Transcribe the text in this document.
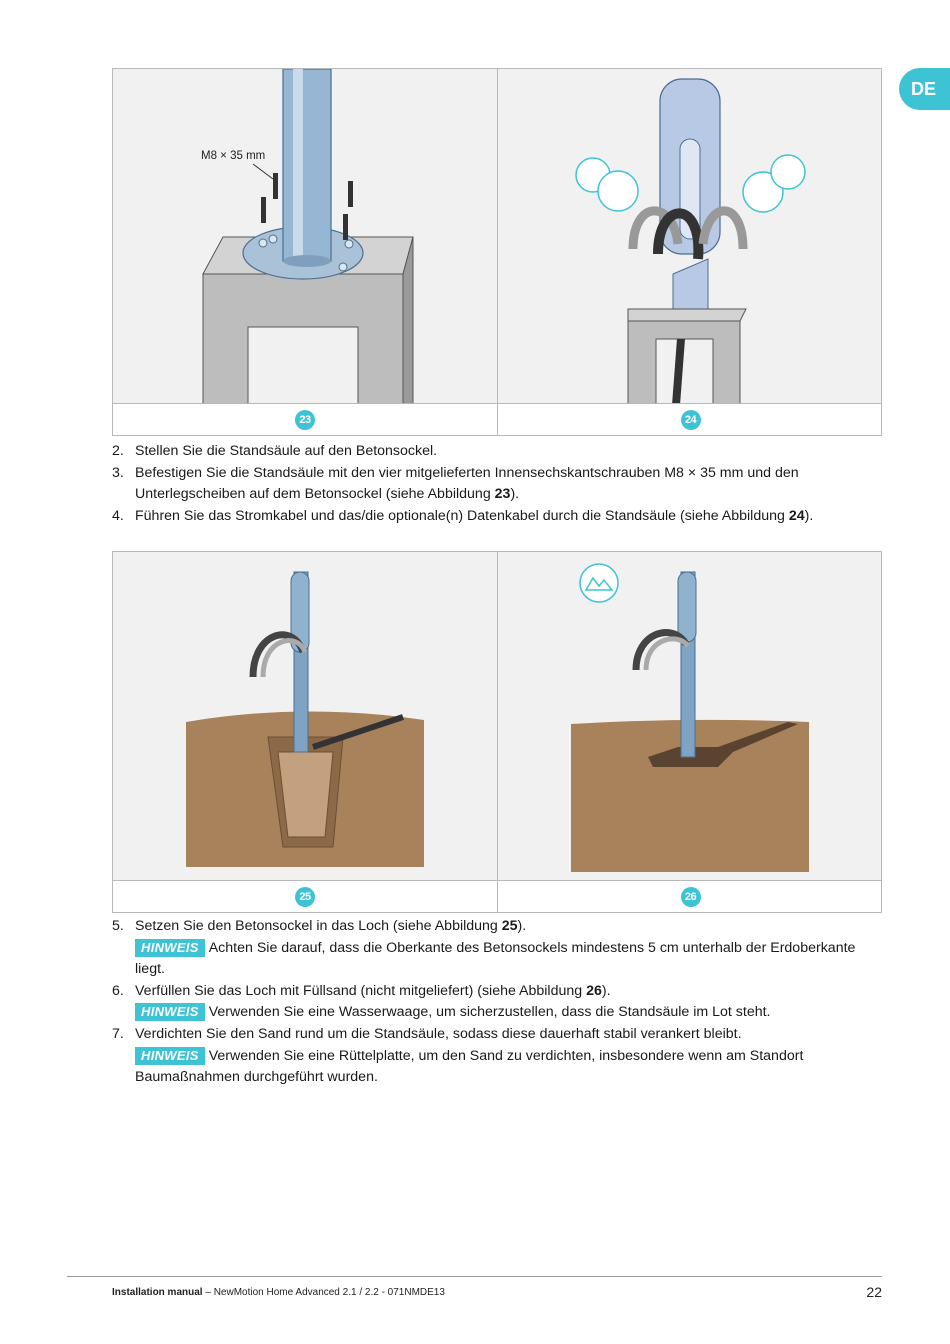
DE
M8 × 35 mm
23	24
2. Stellen Sie die Standsäule auf den Betonsockel.
3. Befestigen Sie die Standsäule mit den vier mitgelieferten Innensechskantschrauben M8 × 35 mm und den Unterlegscheiben auf dem Betonsockel (siehe Abbildung 23).
4. Führen Sie das Stromkabel und das/die optionale(n) Datenkabel durch die Standsäule (siehe Abbildung 24).
25	26
5. Setzen Sie den Betonsockel in das Loch (siehe Abbildung 25).
HINWEIS Achten Sie darauf, dass die Oberkante des Betonsockels mindestens 5 cm unterhalb der Erdoberkante liegt.
6. Verfüllen Sie das Loch mit Füllsand (nicht mitgeliefert) (siehe Abbildung 26).
HINWEIS Verwenden Sie eine Wasserwaage, um sicherzustellen, dass die Standsäule im Lot steht.
7. Verdichten Sie den Sand rund um die Standsäule, sodass diese dauerhaft stabil verankert bleibt.
HINWEIS Verwenden Sie eine Rüttelplatte, um den Sand zu verdichten, insbesondere wenn am Standort Baumaßnahmen durchgeführt wurden.
Installation manual – NewMotion Home Advanced 2.1 / 2.2 - 071NMDE13	22
